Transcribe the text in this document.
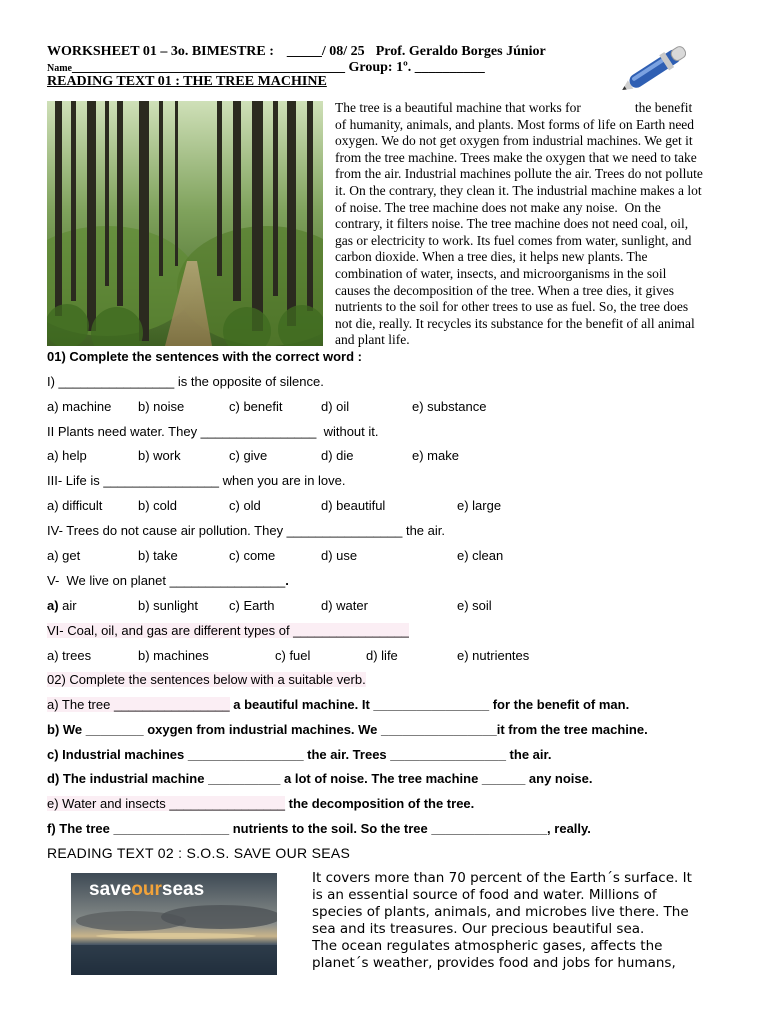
WORKSHEET 01 – 3o. BIMESTRE : _____/ 08/ 25 Prof. Geraldo Borges Júnior
Name_______________________________________ Group: 1º. __________
READING TEXT 01 : THE TREE MACHINE

The tree is a beautiful machine that works for                the benefit

of humanity, animals, and plants. Most forms of life on Earth need

oxygen. We do not get oxygen from industrial machines. We get it

from the tree machine. Trees make the oxygen that we need to take

from the air. Industrial machines pollute the air. Trees do not pollute

it. On the contrary, they clean it. The industrial machine makes a lot

of noise. The tree machine does not make any noise.  On the

contrary, it filters noise. The tree machine does not need coal, oil,

gas or electricity to work. Its fuel comes from water, sunlight, and

carbon dioxide. When a tree dies, it helps new plants. The

combination of water, insects, and microorganisms in the soil

causes the decomposition of the tree. When a tree dies, it gives

nutrients to the soil for other trees to use as fuel. So, the tree does

not die, really. It recycles its substance for the benefit of all animal

and plant life.

01) Complete the sentences with the correct word :
I) ________________ is the opposite of silence.
a) machine b) noise	c) benefit	d) oil	e) substance
II Plants need water. They ________________  without it.
a) help	b) work	c) give	d) die	e) make
III- Life is ________________ when you are in love.
a) difficult	b) cold	c) old	d) beautiful	e) large
IV- Trees do not cause air pollution. They ________________ the air.
a) get	b) take	c) come	d) use	e) clean
V-  We live on planet ________________.
a) air	b) sunlight c) Earth	d) water	e) soil
VI- Coal, oil, and gas are different types of ________________
a) trees	b) machines	c) fuel	d) life	e) nutrientes
02) Complete the sentences below with a suitable verb.
a) The tree ________________ a beautiful machine. It ________________ for the benefit of man.
b) We ________ oxygen from industrial machines. We ________________it from the tree machine.
c) Industrial machines ________________ the air. Trees ________________ the air.
d) The industrial machine __________ a lot of noise. The tree machine ______ any noise.
e) Water and insects ________________ the decomposition of the tree.
f) The tree ________________ nutrients to the soil. So the tree ________________, really.
READING TEXT 02 : S.O.S. SAVE OUR SEAS

saveourseas

It covers more than 70 percent of the Earth´s surface. It

is an essential source of food and water. Millions of

species of plants, animals, and microbes live there. The

sea and its treasures. Our precious beautiful sea.

The ocean regulates atmospheric gases, affects the

planet´s weather, provides food and jobs for humans,
